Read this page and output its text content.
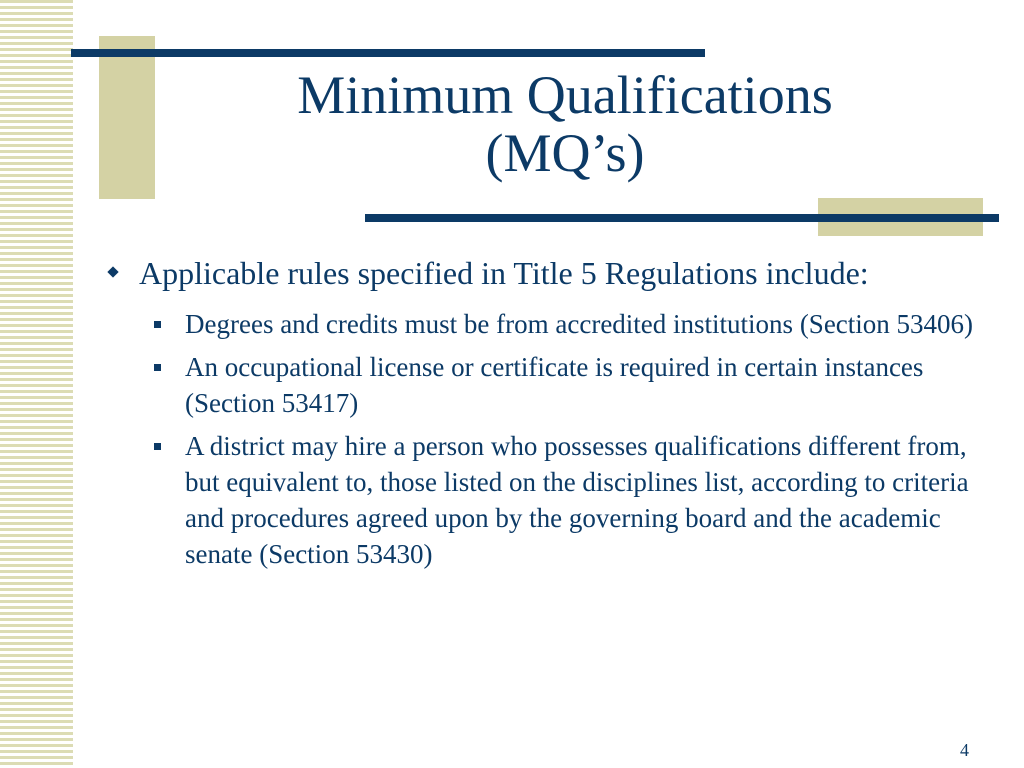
Minimum Qualifications
(MQ’s)
Applicable rules specified in Title 5 Regulations include:
Degrees and credits must be from accredited institutions (Section 53406)
An occupational license or certificate is required in certain instances (Section 53417)
A district may hire a person who possesses qualifications different from, but equivalent to, those listed on the disciplines list, according to criteria and procedures agreed upon by the governing board and the academic senate (Section 53430)
4
